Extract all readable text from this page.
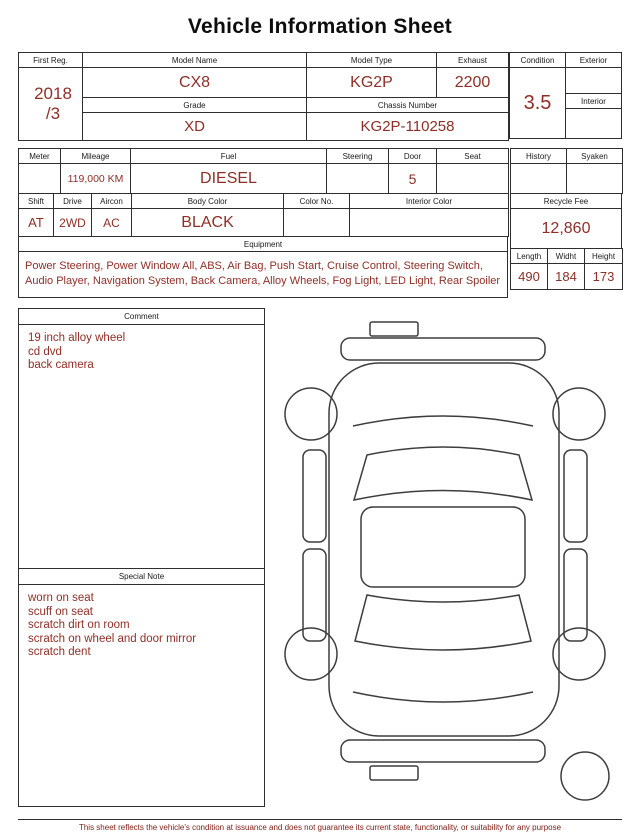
Vehicle Information Sheet
First Reg.	Model Name	Model Type	Exhaust

2018
/3	CX8	KG2P	2200
	Grade	Chassis Number	
	XD	KG2P-110258	
Condition	Exterior
3.5	
	Interior

Meter	Mileage	Fuel	Steering	Door	Seat
	119,000 KM	DIESEL		5	
Shift	Drive	Aircon	Body Color	Color No.	Interior Color
AT	2WD	AC	BLACK		
Equipment
Power Steering, Power Window All, ABS, Air Bag, Push Start, Cruise Control, Steering Switch, Audio Player, Navigation System, Back Camera, Alloy Wheels, Fog Light, LED Light, Rear Spoiler
History	Syaken

Recycle Fee
12,860
Length	Widht	Height
490	184	173
Comment
19 inch alloy wheel
cd dvd
back camera
Special Note
worn on seat
scuff on seat
scratch dirt on room
scratch on wheel and door mirror
scratch dent
This sheet reflects the vehicle's condition at issuance and does not guarantee its current state, functionality, or suitability for any purpose
